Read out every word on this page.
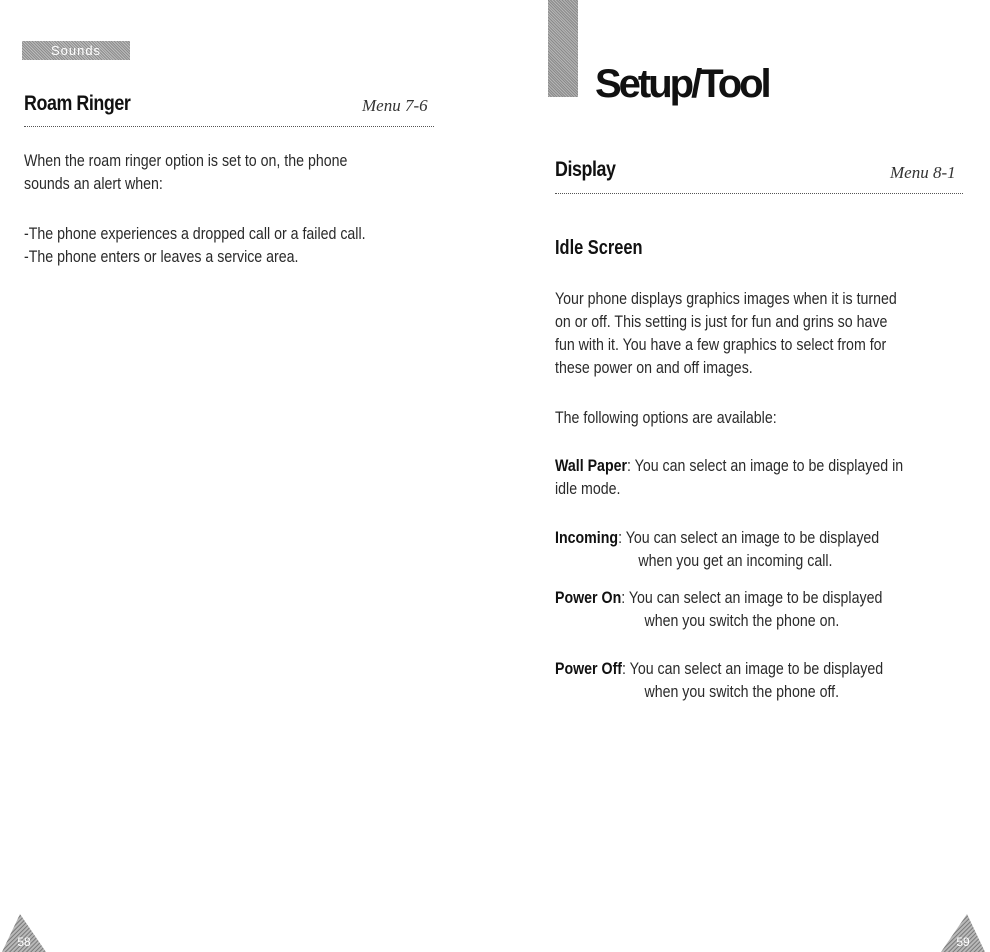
Sounds
Roam Ringer	Menu 7-6

When the roam ringer option is set to on, the phone

sounds an alert when:

-The phone experiences a dropped call or a failed call.

-The phone enters or leaves a service area.

58
Setup/Tool
Display	Menu 8-1
Idle Screen

Your phone displays graphics images when it is turned

on or off. This setting is just for fun and grins so have

fun with it. You have a few graphics to select from for

these power on and off images.

The following options are available:
Wall Paper: You can select an image to be displayed in
idle mode.
Incoming: You can select an image to be displayed
when you get an incoming call.
Power On: You can select an image to be displayed
when you switch the phone on.
Power Off: You can select an image to be displayed
when you switch the phone off.
59
